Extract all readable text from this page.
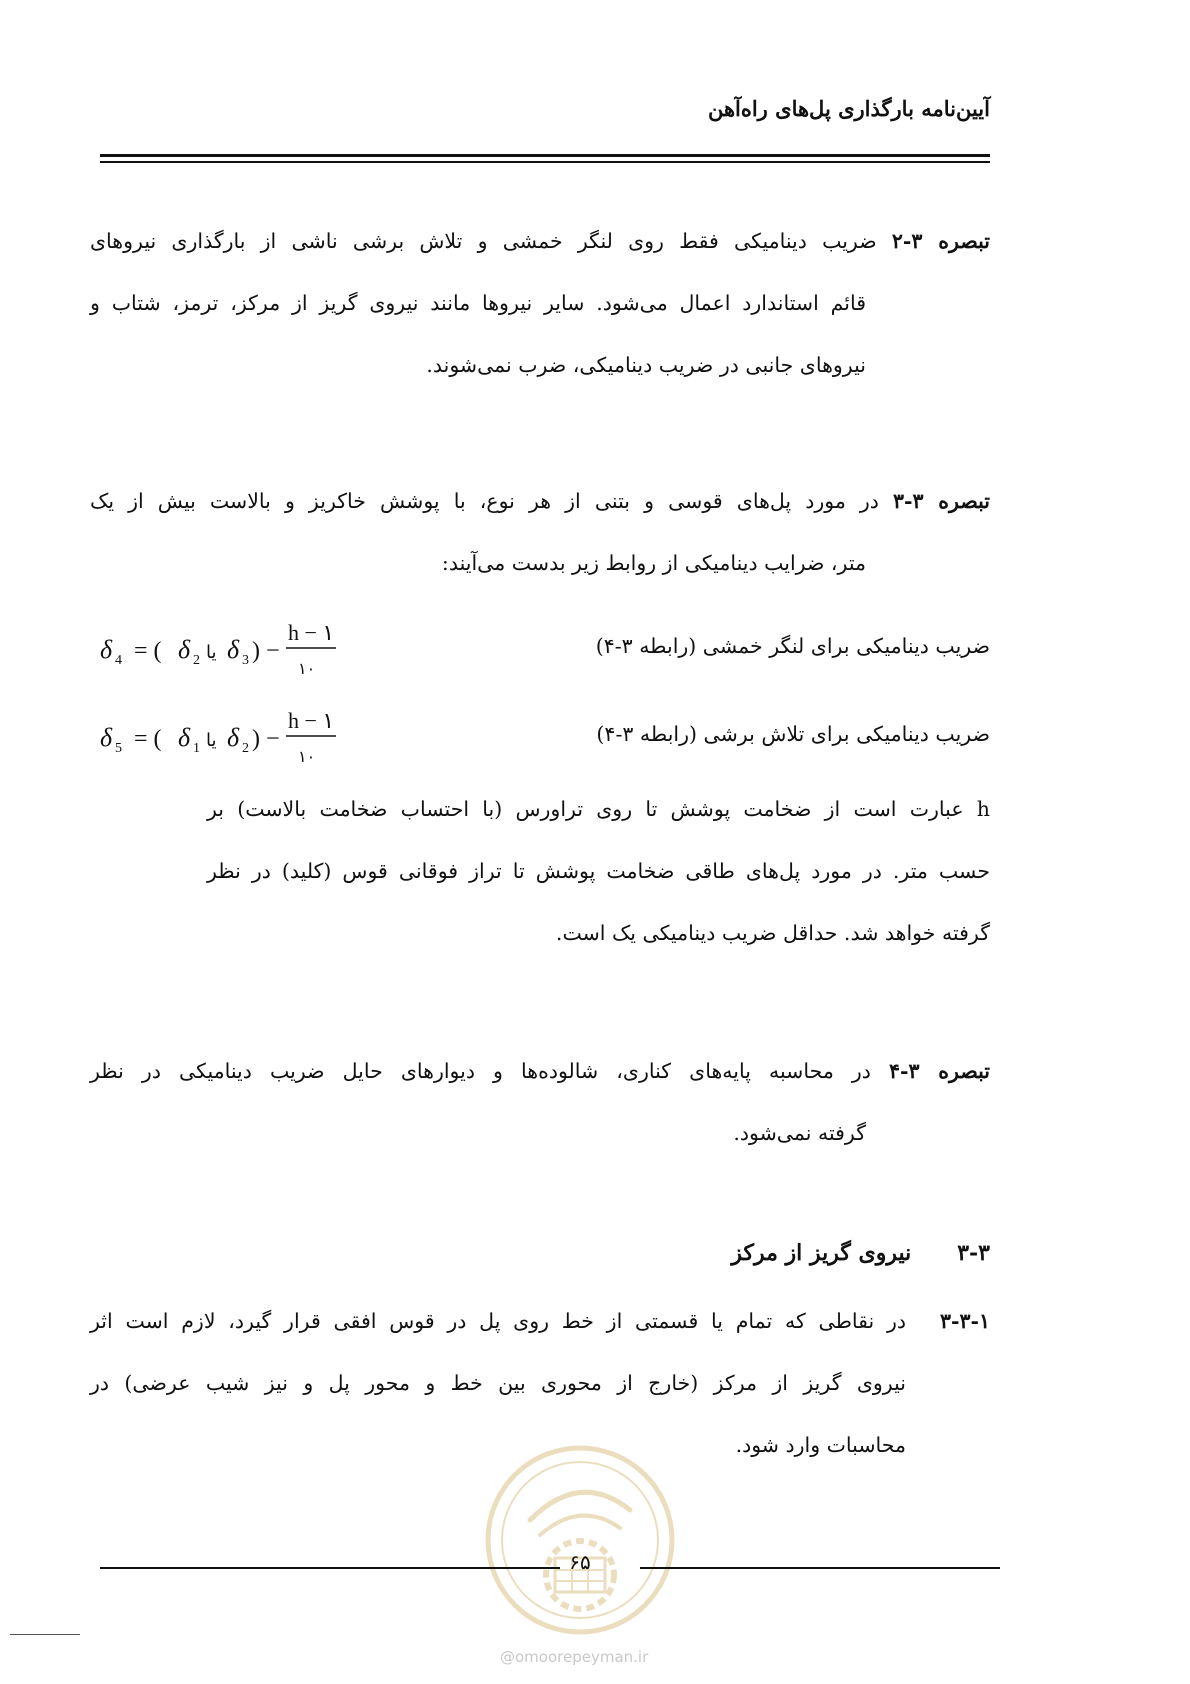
آیین‌نامه بارگذاری پل‌های راه‌آهن
تبصره ۳-۲ ضریب دینامیکی فقط روی لنگر خمشی و تلاش برشی ناشی از بارگذاری نیروهای
قائم استاندارد اعمال می‌شود. سایر نیروها مانند نیروی گریز از مرکز، ترمز، شتاب و
نیروهای جانبی در ضریب دینامیکی، ضرب نمی‌شوند.
تبصره ۳-۳ در مورد پل‌های قوسی و بتنی از هر نوع، با پوشش خاکریز و بالاست بیش از یک
متر، ضرایب دینامیکی از روابط زیر بدست می‌آیند:
ضریب دینامیکی برای لنگر خمشی (رابطه ۳-۴)
δ 4 = ( δ 2 یا δ 3 ) −
h − ۱
۱۰
ضریب دینامیکی برای تلاش برشی (رابطه ۳-۴)
δ 5 = ( δ 1 یا δ 2 ) −
h − ۱
۱۰
h عبارت است از ضخامت پوشش تا روی تراورس (با احتساب ضخامت بالاست) بر
حسب متر. در مورد پل‌های طاقی ضخامت پوشش تا تراز فوقانی قوس (کلید) در نظر
گرفته خواهد شد. حداقل ضریب دینامیکی یک است.
تبصره ۳-۴ در محاسبه پایه‌های کناری، شالوده‌ها و دیوارهای حایل ضریب دینامیکی در نظر
گرفته نمی‌شود.
۳-۳نیروی گریز از مرکز
۳-۳-۱
در نقاطی که تمام یا قسمتی از خط روی پل در قوس افقی قرار گیرد، لازم است اثر
نیروی گریز از مرکز (خارج از محوری بین خط و محور پل و نیز شیب عرضی) در
محاسبات وارد شود.
۶۵
@omoorepeyman.ir
